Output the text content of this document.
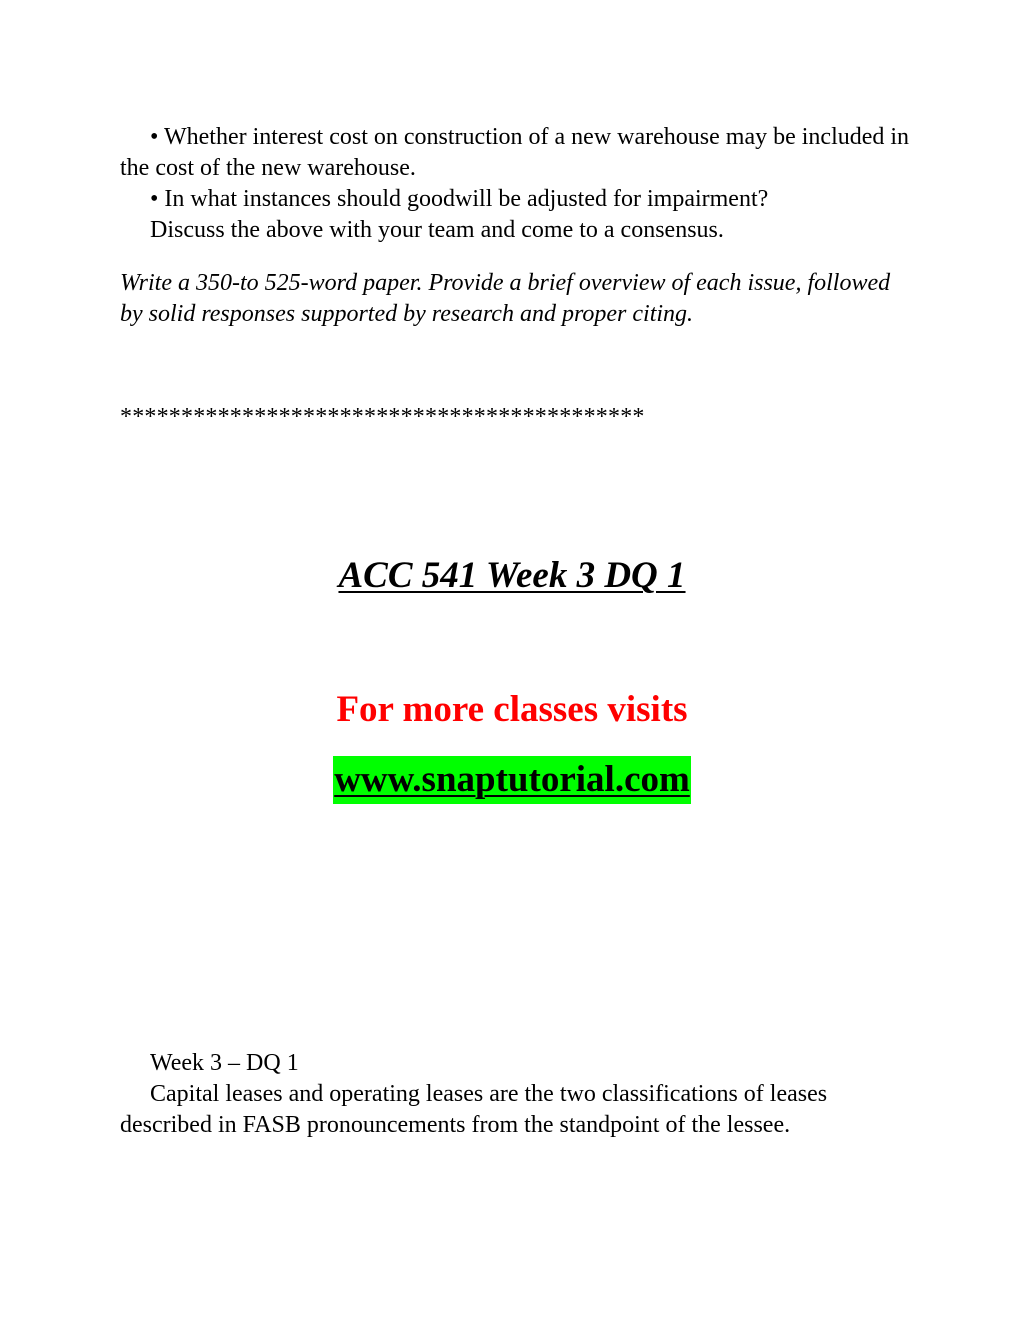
• Whether interest cost on construction of a new warehouse may be included in the cost of the new warehouse.

• In what instances should goodwill be adjusted for impairment?

Discuss the above with your team and come to a consensus.

Write a 350-to 525-word paper. Provide a brief overview of each issue, followed by solid responses supported by research and proper citing.

*******************************************

ACC 541 Week 3 DQ 1

For more classes visits

www.snaptutorial.com

Week 3 – DQ 1

Capital leases and operating leases are the two classifications of leases described in FASB pronouncements from the standpoint of the lessee.
